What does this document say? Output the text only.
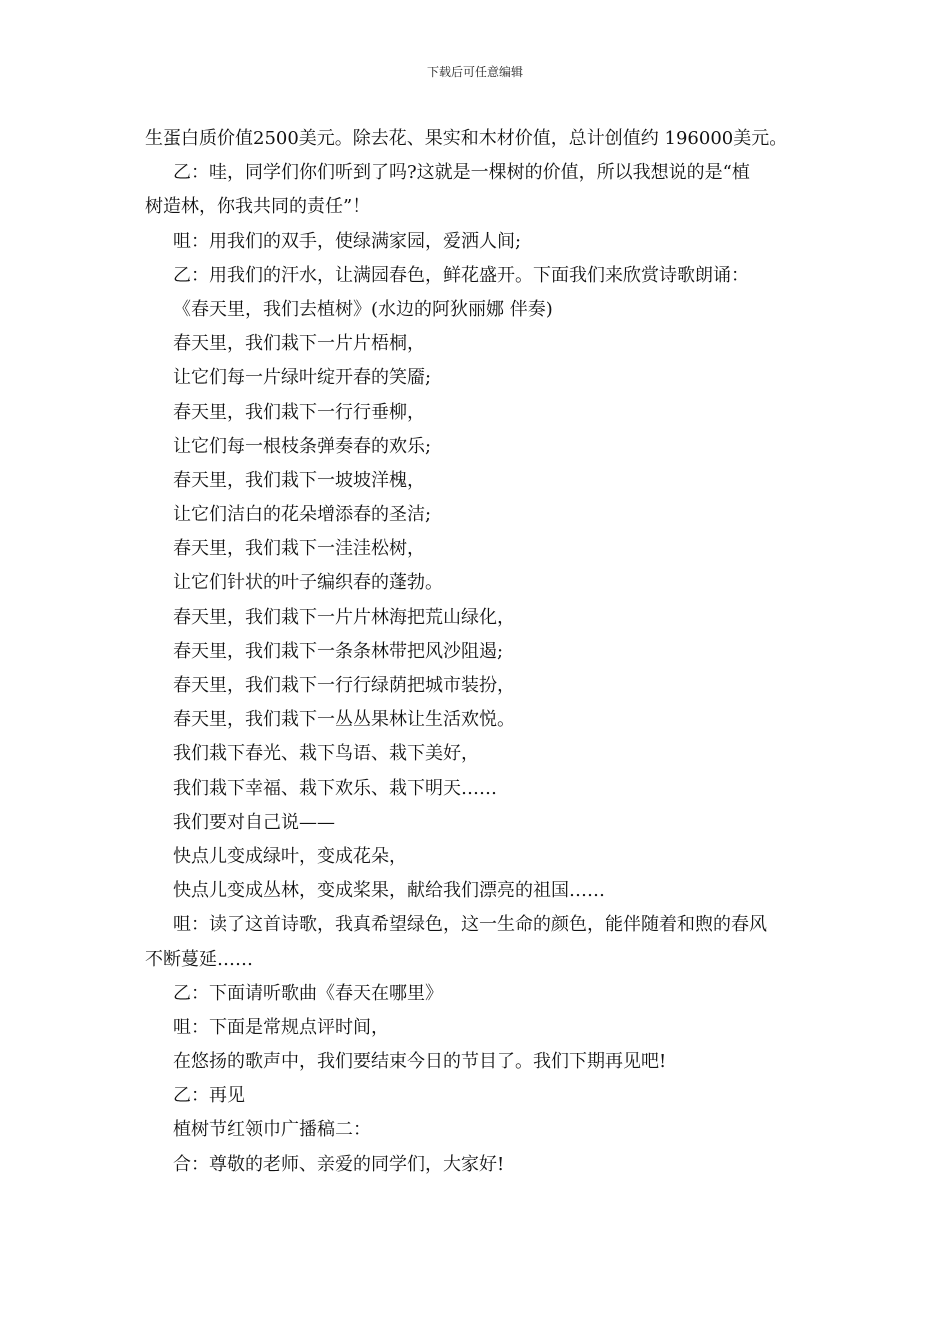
下载后可任意编辑
生蛋白质价值2500美元。除去花、果实和木材价值，总计创值约 196000美元。
乙：哇，同学们你们听到了吗?这就是一棵树的价值，所以我想说的是“植
树造林，你我共同的责任”！
咀：用我们的双手，使绿满家园，爱洒人间;
乙：用我们的汗水，让满园春色，鲜花盛开。下面我们来欣赏诗歌朗诵：
《春天里，我们去植树》(水边的阿狄丽娜 伴奏)
春天里，我们栽下一片片梧桐，
让它们每一片绿叶绽开春的笑靥;
春天里，我们栽下一行行垂柳，
让它们每一根枝条弹奏春的欢乐;
春天里，我们栽下一坡坡洋槐，
让它们洁白的花朵增添春的圣洁;
春天里，我们栽下一洼洼松树，
让它们针状的叶子编织春的蓬勃。
春天里，我们栽下一片片林海把荒山绿化，
春天里，我们栽下一条条林带把风沙阻遏;
春天里，我们栽下一行行绿荫把城市装扮，
春天里，我们栽下一丛丛果林让生活欢悦。
我们栽下春光、栽下鸟语、栽下美好，
我们栽下幸福、栽下欢乐、栽下明天……
我们要对自己说——
快点儿变成绿叶，变成花朵，
快点儿变成丛林，变成桨果，献给我们漂亮的祖国……
咀：读了这首诗歌，我真希望绿色，这一生命的颜色，能伴随着和煦的春风
不断蔓延……
乙：下面请听歌曲《春天在哪里》
咀：下面是常规点评时间，
在悠扬的歌声中，我们要结束今日的节目了。我们下期再见吧!
乙：再见
植树节红领巾广播稿二：
合：尊敬的老师、亲爱的同学们，大家好!
